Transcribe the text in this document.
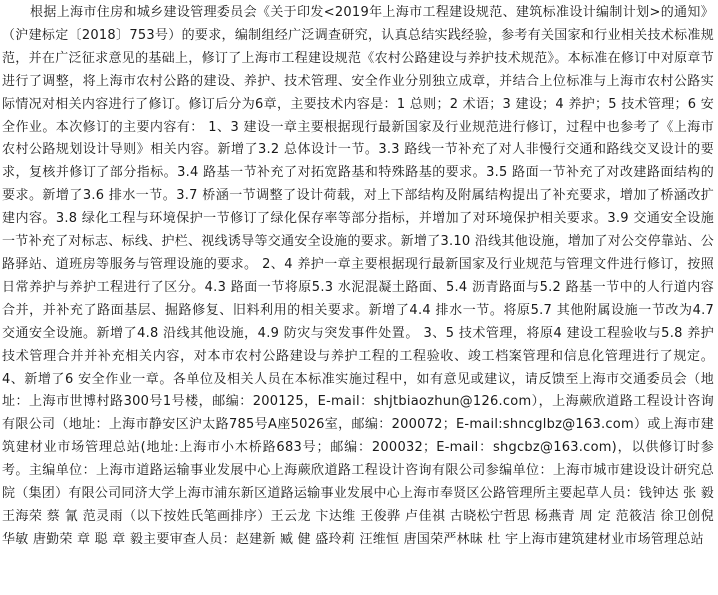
根据上海市住房和城乡建设管理委员会《关于印发<2019年上海市工程建设规范、建筑标准设计编制计划>的通知》（沪建标定〔2018〕753号）的要求，编制组经广泛调查研究，认真总结实践经验，参考有关国家和行业相关技术标准规范，并在广泛征求意见的基础上，修订了上海市工程建设规范《农村公路建设与养护技术规范》。本标准在修订中对原章节进行了调整，将上海市农村公路的建设、养护、技术管理、安全作业分别独立成章，并结合上位标准与上海市农村公路实际情况对相关内容进行了修订。修订后分为6章，主要技术内容是：1 总则；2 术语；3 建设；4 养护；5 技术管理；6 安全作业。本次修订的主要内容有： 1、3 建设一章主要根据现行最新国家及行业规范进行修订，过程中也参考了《上海市农村公路规划设计导则》相关内容。新增了3.2 总体设计一节。3.3 路线一节补充了对人非慢行交通和路线交叉设计的要求，复核并修订了部分指标。3.4 路基一节补充了对拓宽路基和特殊路基的要求。3.5 路面一节补充了对改建路面结构的要求。新增了3.6 排水一节。3.7 桥涵一节调整了设计荷载，对上下部结构及附属结构提出了补充要求，增加了桥涵改扩建内容。3.8 绿化工程与环境保护一节修订了绿化保存率等部分指标，并增加了对环境保护相关要求。3.9 交通安全设施一节补充了对标志、标线、护栏、视线诱导等交通安全设施的要求。新增了3.10 沿线其他设施，增加了对公交停靠站、公路驿站、道班房等服务与管理设施的要求。 2、4 养护一章主要根据现行最新国家及行业规范与管理文件进行修订，按照日常养护与养护工程进行了区分。4.3 路面一节将原5.3 水泥混凝土路面、5.4 沥青路面与5.2 路基一节中的人行道内容合并，并补充了路面基层、掘路修复、旧料利用的相关要求。新增了4.4 排水一节。将原5.7 其他附属设施一节改为4.7 交通安全设施。新增了4.8 沿线其他设施，4.9 防灾与突发事件处置。 3、5 技术管理，将原4 建设工程验收与5.8 养护技术管理合并并补充相关内容，对本市农村公路建设与养护工程的工程验收、竣工档案管理和信息化管理进行了规定。 4、新增了6 安全作业一章。各单位及相关人员在本标准实施过程中，如有意见或建议，请反馈至上海市交通委员会（地址：上海市世博村路300号1号楼，邮编：200125，E-mail：shjtbiaozhun@126.com），上海蕨欣道路工程设计咨询有限公司（地址：上海市静安区沪太路785号A座5026室，邮编：200072；E-mail:shncglbz@163.com）或上海市建筑建材业市场管理总站(地址:上海市小木桥路683号；邮编：200032；E-mail：shgcbz@163.com)，以供修订时参考。主编单位：上海市道路运输事业发展中心上海蕨欣道路工程设计咨询有限公司参编单位：上海市城市建设设计研究总院（集团）有限公司同济大学上海市浦东新区道路运输事业发展中心上海市奉贤区公路管理所主要起草人员：钱钟达 张 毅 王海荣 蔡 氰 范灵雨（以下按姓氏笔画排序）王云龙 卞达维 王俊骅 卢佳祺 古晓松宁哲思 杨燕青 周 定 范筱洁 徐卫创倪华敏 唐勤荣 章 聪 章 毅主要审查人员：赵建新 臧 健 盛玲莉 汪维恒 唐国荣严林昧 杜 宇上海市建筑建材业市场管理总站
